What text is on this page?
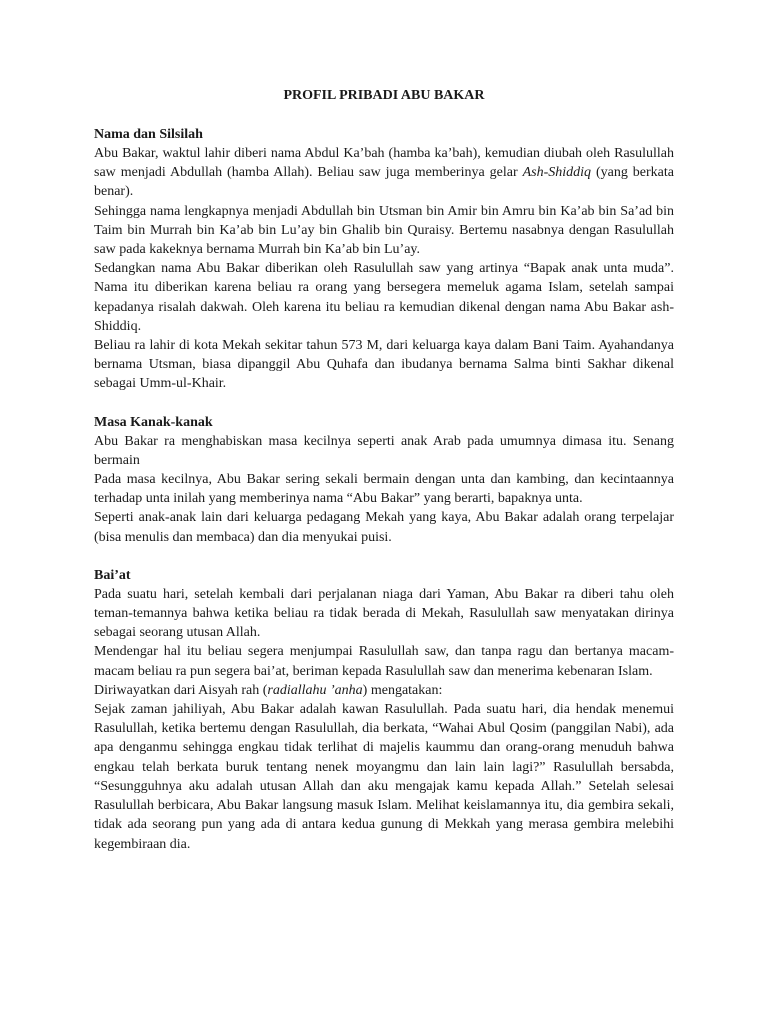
PROFIL PRIBADI ABU BAKAR
Nama dan Silsilah

Abu Bakar, waktul lahir diberi nama Abdul Ka’bah (hamba ka’bah), kemudian diubah oleh Rasulullah saw menjadi Abdullah (hamba Allah). Beliau saw juga memberinya gelar Ash-Shiddiq (yang berkata benar).

Sehingga nama lengkapnya menjadi Abdullah bin Utsman bin Amir bin Amru bin Ka’ab bin Sa’ad bin Taim bin Murrah bin Ka’ab bin Lu’ay bin Ghalib bin Quraisy. Bertemu nasabnya dengan Rasulullah saw pada kakeknya bernama Murrah bin Ka’ab bin Lu’ay.

Sedangkan nama Abu Bakar diberikan oleh Rasulullah saw yang artinya “Bapak anak unta muda”. Nama itu diberikan karena beliau ra orang yang bersegera memeluk agama Islam, setelah sampai kepadanya risalah dakwah. Oleh karena itu beliau ra kemudian dikenal dengan nama Abu Bakar ash-Shiddiq.

Beliau ra lahir di kota Mekah sekitar tahun 573 M, dari keluarga kaya dalam Bani Taim. Ayahandanya bernama Utsman, biasa dipanggil Abu Quhafa dan ibudanya bernama Salma binti Sakhar dikenal sebagai Umm-ul-Khair.

Masa Kanak-kanak

Abu Bakar ra menghabiskan masa kecilnya seperti anak Arab pada umumnya dimasa itu. Senang bermain

Pada masa kecilnya, Abu Bakar sering sekali bermain dengan unta dan kambing, dan kecintaannya terhadap unta inilah yang memberinya nama “Abu Bakar” yang berarti, bapaknya unta.

Seperti anak-anak lain dari keluarga pedagang Mekah yang kaya, Abu Bakar adalah orang terpelajar (bisa menulis dan membaca) dan dia menyukai puisi.

Bai’at

Pada suatu hari, setelah kembali dari perjalanan niaga dari Yaman, Abu Bakar ra diberi tahu oleh teman-temannya bahwa ketika beliau ra tidak berada di Mekah, Rasulullah saw menyatakan dirinya sebagai seorang utusan Allah.

Mendengar hal itu beliau segera menjumpai Rasulullah saw, dan tanpa ragu dan bertanya macam-macam beliau ra pun segera bai’at, beriman kepada Rasulullah saw dan menerima kebenaran Islam.

Diriwayatkan dari Aisyah rah (radiallahu ’anha) mengatakan:

Sejak zaman jahiliyah, Abu Bakar adalah kawan Rasulullah. Pada suatu hari, dia hendak menemui Rasulullah, ketika bertemu dengan Rasulullah, dia berkata, “Wahai Abul Qosim (panggilan Nabi), ada apa denganmu sehingga engkau tidak terlihat di majelis kaummu dan orang-orang menuduh bahwa engkau telah berkata buruk tentang nenek moyangmu dan lain lain lagi?” Rasulullah bersabda, “Sesungguhnya aku adalah utusan Allah dan aku mengajak kamu kepada Allah.” Setelah selesai Rasulullah berbicara, Abu Bakar langsung masuk Islam. Melihat keislamannya itu, dia gembira sekali, tidak ada seorang pun yang ada di antara kedua gunung di Mekkah yang merasa gembira melebihi kegembiraan dia.
